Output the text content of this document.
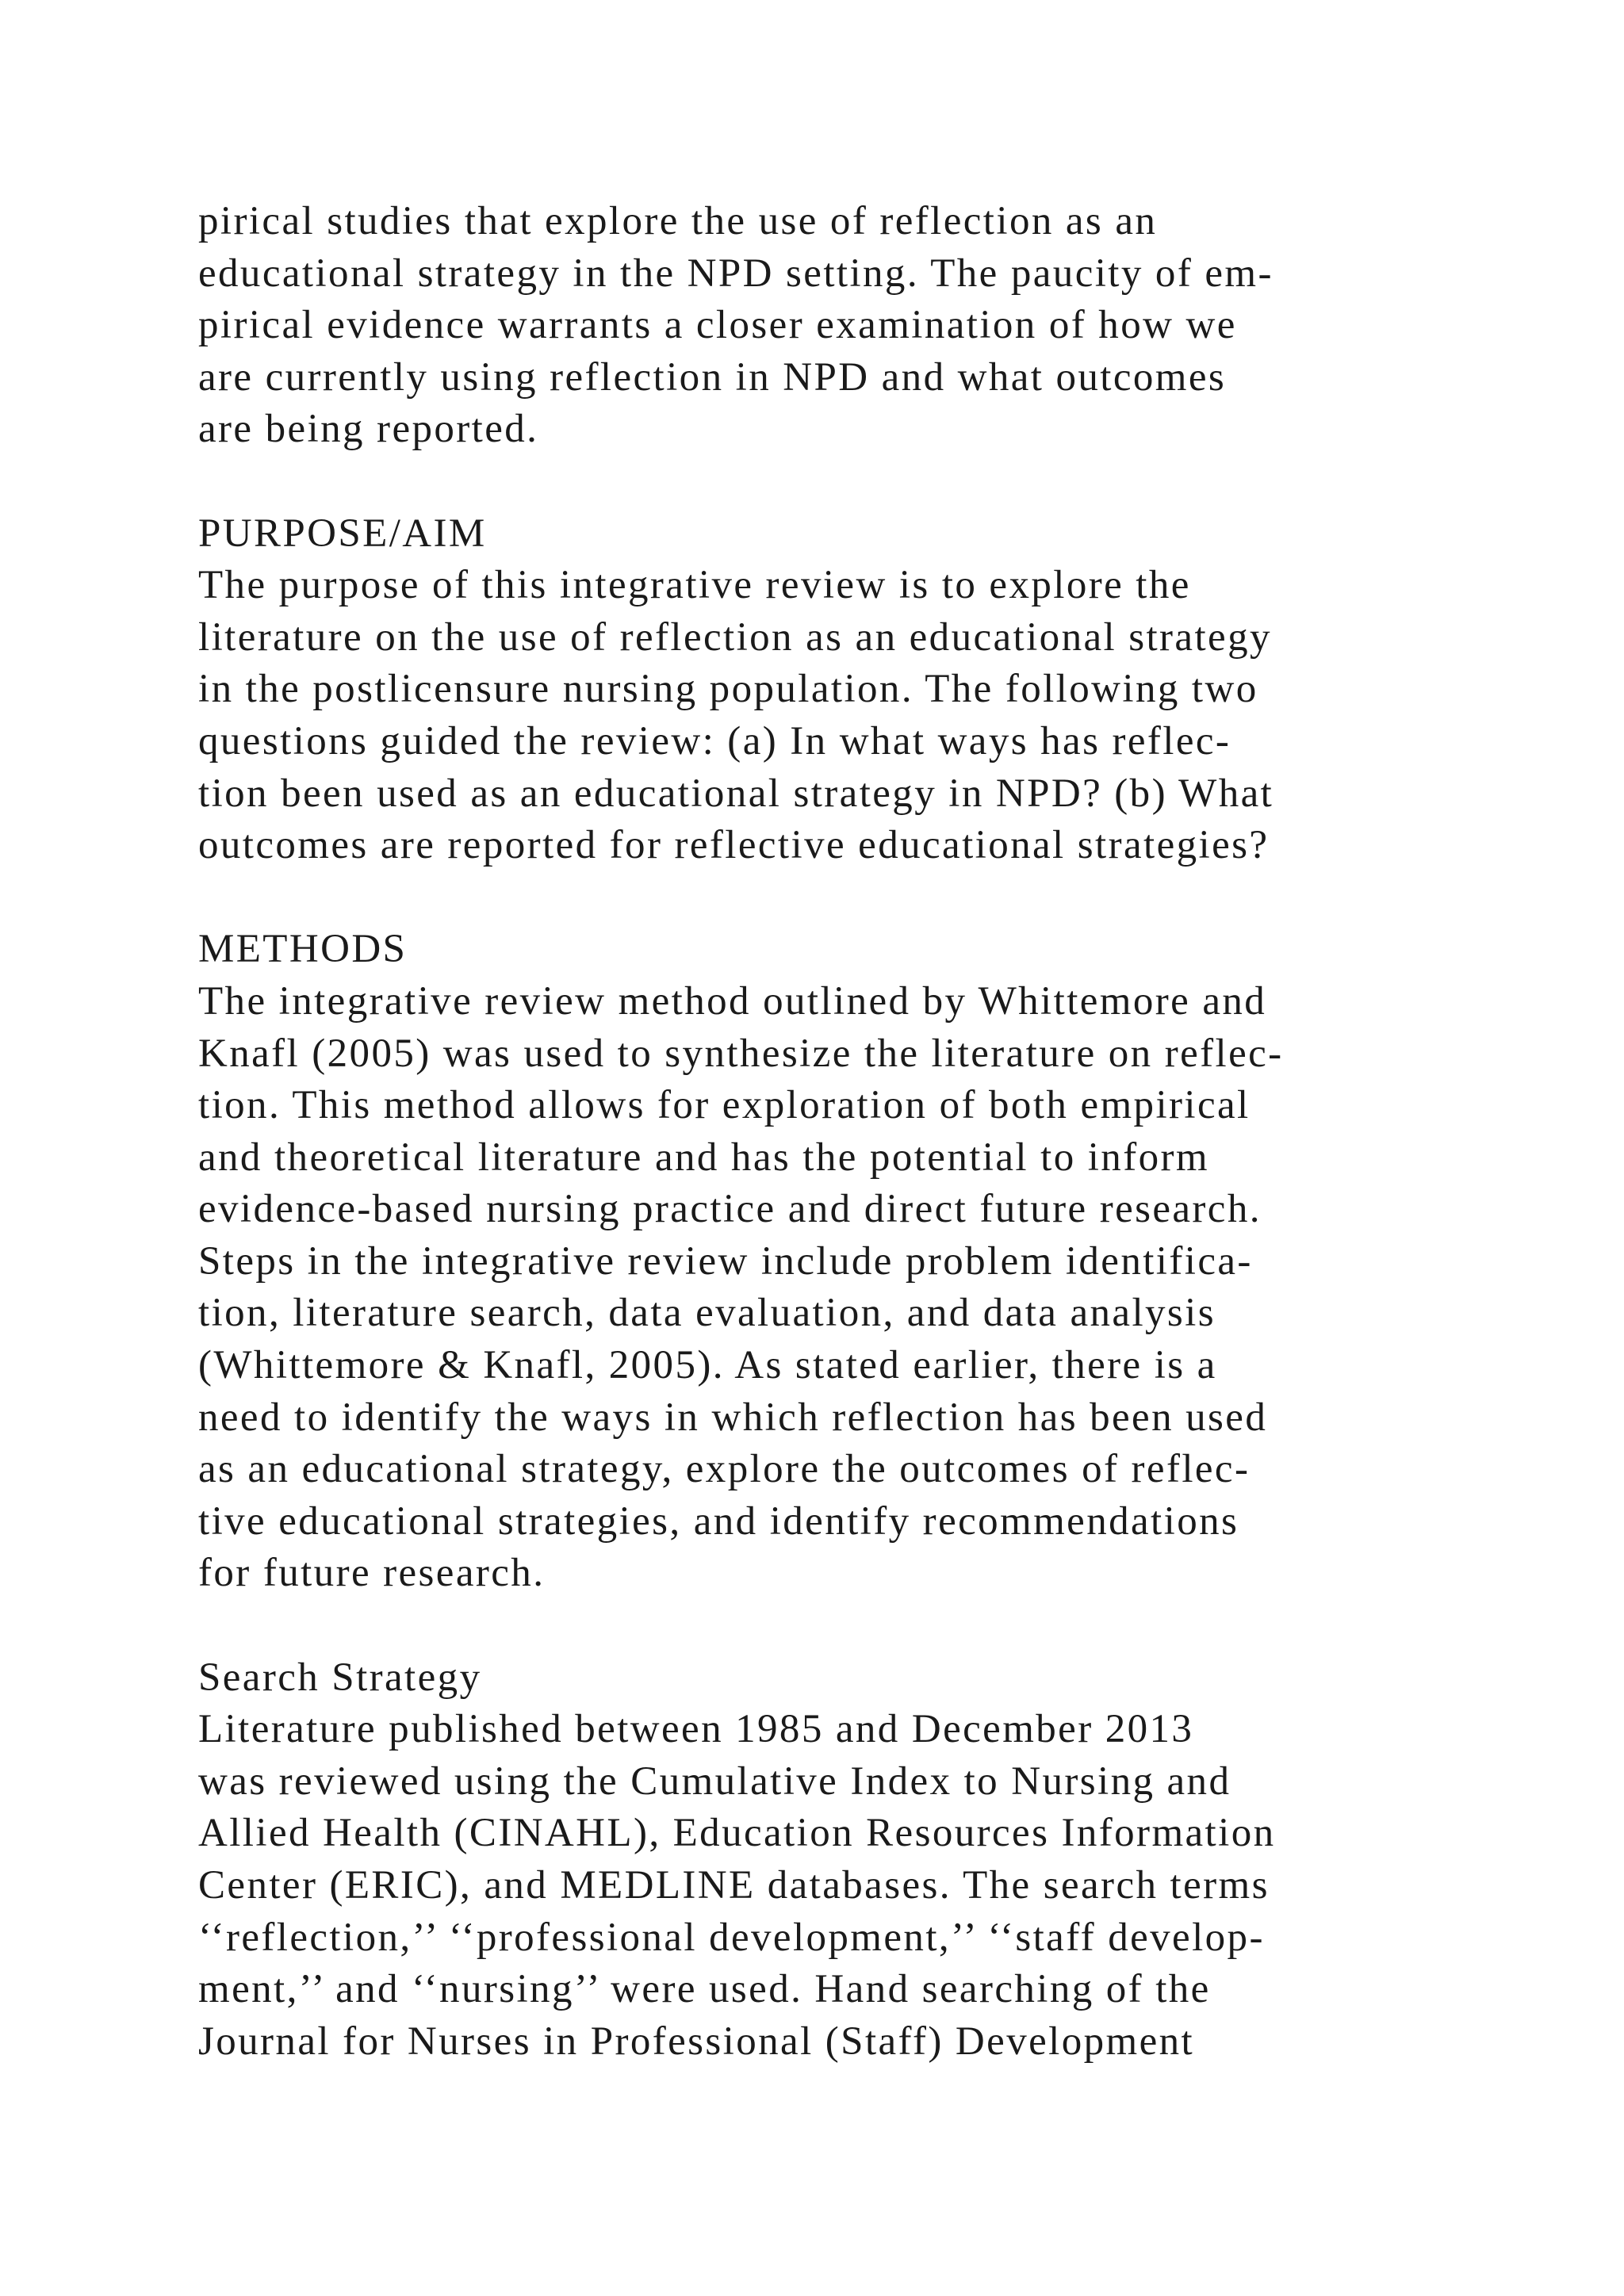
pirical studies that explore the use of reflection as an
educational strategy in the NPD setting. The paucity of em-
pirical evidence warrants a closer examination of how we
are currently using reflection in NPD and what outcomes
are being reported.
PURPOSE/AIM
The purpose of this integrative review is to explore the
literature on the use of reflection as an educational strategy
in the postlicensure nursing population. The following two
questions guided the review: (a) In what ways has reflec-
tion been used as an educational strategy in NPD? (b) What
outcomes are reported for reflective educational strategies?
METHODS
The integrative review method outlined by Whittemore and
Knafl (2005) was used to synthesize the literature on reflec-
tion. This method allows for exploration of both empirical
and theoretical literature and has the potential to inform
evidence-based nursing practice and direct future research.
Steps in the integrative review include problem identifica-
tion, literature search, data evaluation, and data analysis
(Whittemore & Knafl, 2005). As stated earlier, there is a
need to identify the ways in which reflection has been used
as an educational strategy, explore the outcomes of reflec-
tive educational strategies, and identify recommendations
for future research.
Search Strategy
Literature published between 1985 and December 2013
was reviewed using the Cumulative Index to Nursing and
Allied Health (CINAHL), Education Resources Information
Center (ERIC), and MEDLINE databases. The search terms
‘‘reflection,’’ ‘‘professional development,’’ ‘‘staff develop-
ment,’’ and ‘‘nursing’’ were used. Hand searching of the
Journal for Nurses in Professional (Staff) Development
